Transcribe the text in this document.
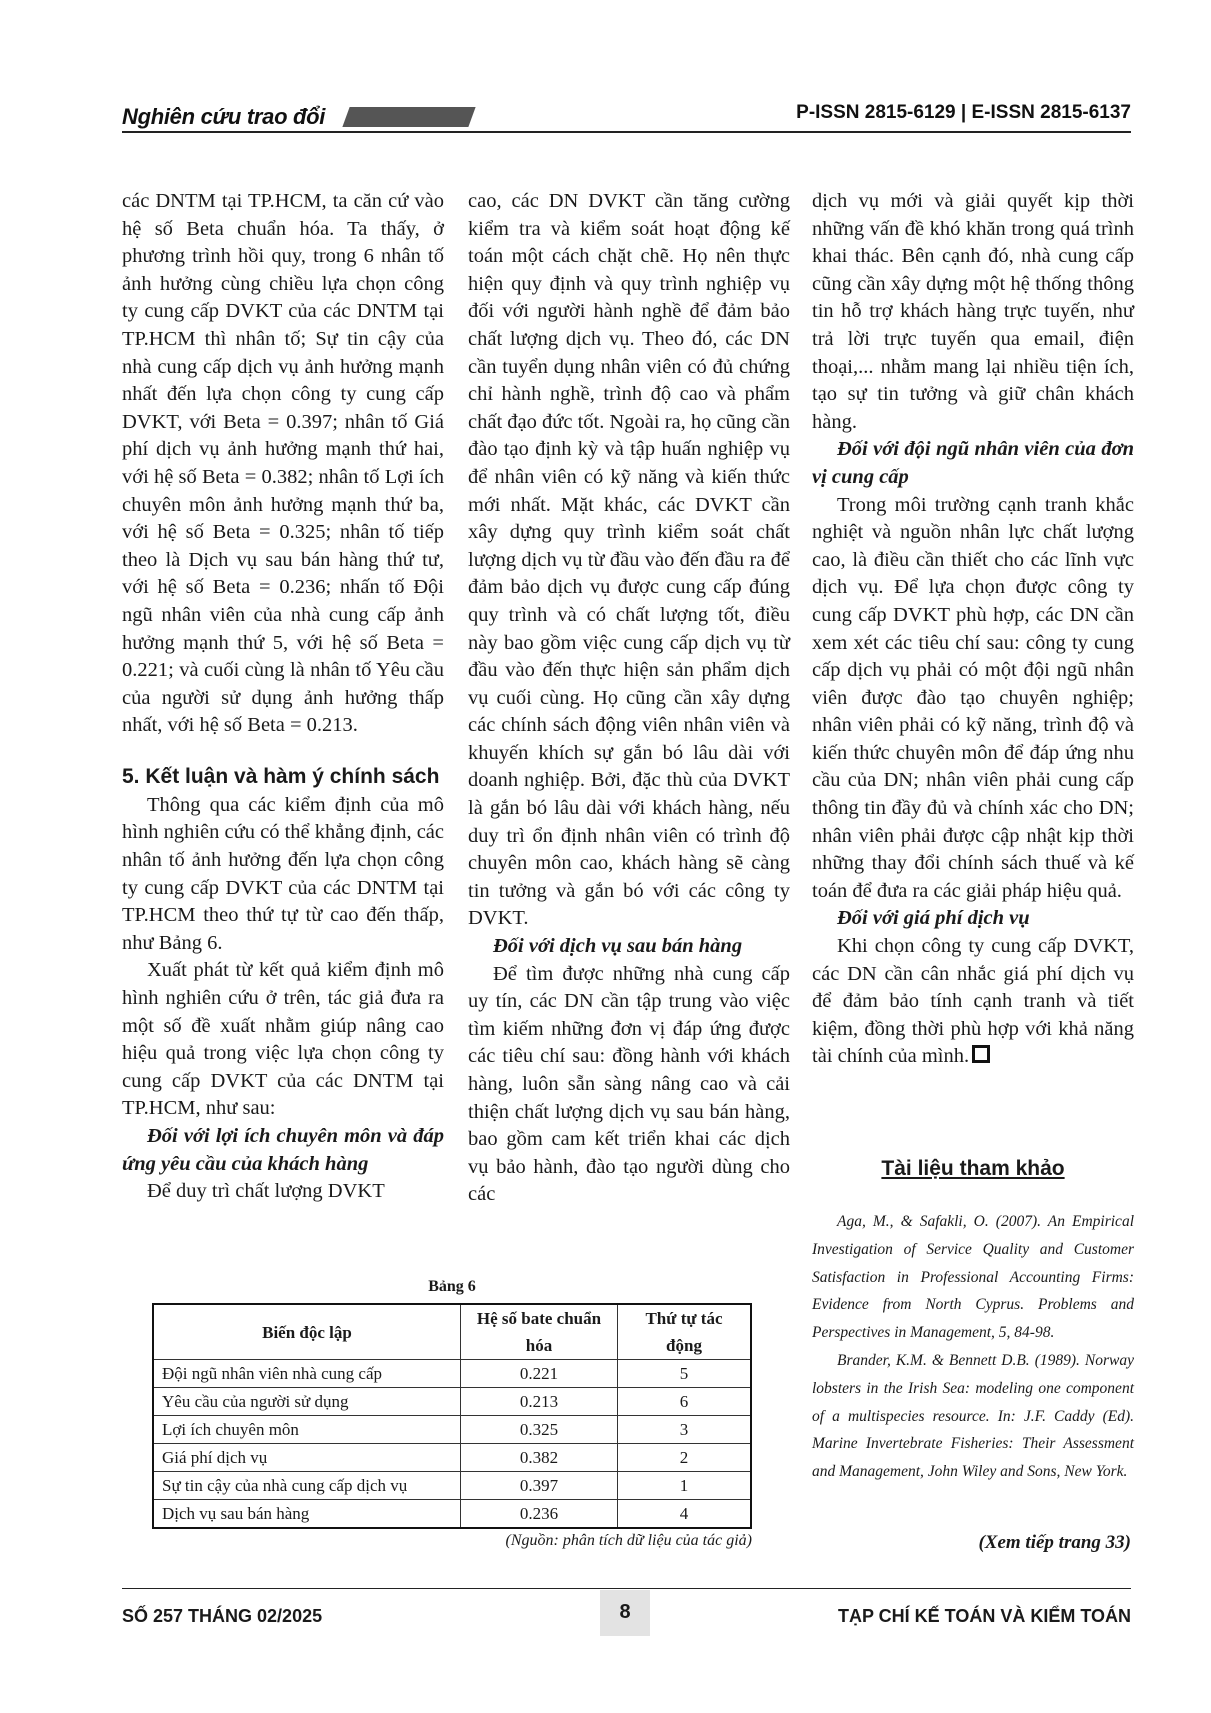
Nghiên cứu trao đổi	P-ISSN 2815-6129 | E-ISSN 2815-6137

các DNTM tại TP.HCM, ta căn cứ vào hệ số Beta chuẩn hóa. Ta thấy, ở phương trình hồi quy, trong 6 nhân tố ảnh hưởng cùng chiều lựa chọn công ty cung cấp DVKT của các DNTM tại TP.HCM thì nhân tố; Sự tin cậy của nhà cung cấp dịch vụ ảnh hưởng mạnh nhất đến lựa chọn công ty cung cấp DVKT, với Beta = 0.397; nhân tố Giá phí dịch vụ ảnh hưởng mạnh thứ hai, với hệ số Beta = 0.382; nhân tố Lợi ích chuyên môn ảnh hưởng mạnh thứ ba, với hệ số Beta = 0.325; nhân tố tiếp theo là Dịch vụ sau bán hàng thứ tư, với hệ số Beta = 0.236; nhấn tố Đội ngũ nhân viên của nhà cung cấp ảnh hưởng mạnh thứ 5, với hệ số Beta = 0.221; và cuối cùng là nhân tố Yêu cầu của người sử dụng ảnh hưởng thấp nhất, với hệ số Beta = 0.213.

5. Kết luận và hàm ý chính sách

Thông qua các kiểm định của mô hình nghiên cứu có thể khẳng định, các nhân tố ảnh hưởng đến lựa chọn công ty cung cấp DVKT của các DNTM tại TP.HCM theo thứ tự từ cao đến thấp, như Bảng 6.

Xuất phát từ kết quả kiểm định mô hình nghiên cứu ở trên, tác giả đưa ra một số đề xuất nhằm giúp nâng cao hiệu quả trong việc lựa chọn công ty cung cấp DVKT của các DNTM tại TP.HCM, như sau:

Đối với lợi ích chuyên môn và đáp ứng yêu cầu của khách hàng

Để duy trì chất lượng DVKT

cao, các DN DVKT cần tăng cường kiểm tra và kiểm soát hoạt động kế toán một cách chặt chẽ. Họ nên thực hiện quy định và quy trình nghiệp vụ đối với người hành nghề để đảm bảo chất lượng dịch vụ. Theo đó, các DN cần tuyển dụng nhân viên có đủ chứng chỉ hành nghề, trình độ cao và phẩm chất đạo đức tốt. Ngoài ra, họ cũng cần đào tạo định kỳ và tập huấn nghiệp vụ để nhân viên có kỹ năng và kiến thức mới nhất. Mặt khác, các DVKT cần xây dựng quy trình kiểm soát chất lượng dịch vụ từ đầu vào đến đầu ra để đảm bảo dịch vụ được cung cấp đúng quy trình và có chất lượng tốt, điều này bao gồm việc cung cấp dịch vụ từ đầu vào đến thực hiện sản phẩm dịch vụ cuối cùng. Họ cũng cần xây dựng các chính sách động viên nhân viên và khuyến khích sự gắn bó lâu dài với doanh nghiệp. Bởi, đặc thù của DVKT là gắn bó lâu dài với khách hàng, nếu duy trì ổn định nhân viên có trình độ chuyên môn cao, khách hàng sẽ càng tin tưởng và gắn bó với các công ty DVKT.

Đối với dịch vụ sau bán hàng

Để tìm được những nhà cung cấp uy tín, các DN cần tập trung vào việc tìm kiếm những đơn vị đáp ứng được các tiêu chí sau: đồng hành với khách hàng, luôn sẵn sàng nâng cao và cải thiện chất lượng dịch vụ sau bán hàng, bao gồm cam kết triển khai các dịch vụ bảo hành, đào tạo người dùng cho các

dịch vụ mới và giải quyết kịp thời những vấn đề khó khăn trong quá trình khai thác. Bên cạnh đó, nhà cung cấp cũng cần xây dựng một hệ thống thông tin hỗ trợ khách hàng trực tuyến, như trả lời trực tuyến qua email, điện thoại,... nhằm mang lại nhiều tiện ích, tạo sự tin tưởng và giữ chân khách hàng.

Đối với đội ngũ nhân viên của đơn vị cung cấp

Trong môi trường cạnh tranh khắc nghiệt và nguồn nhân lực chất lượng cao, là điều cần thiết cho các lĩnh vực dịch vụ. Để lựa chọn được công ty cung cấp DVKT phù hợp, các DN cần xem xét các tiêu chí sau: công ty cung cấp dịch vụ phải có một đội ngũ nhân viên được đào tạo chuyên nghiệp; nhân viên phải có kỹ năng, trình độ và kiến thức chuyên môn để đáp ứng nhu cầu của DN; nhân viên phải cung cấp thông tin đầy đủ và chính xác cho DN; nhân viên phải được cập nhật kịp thời những thay đổi chính sách thuế và kế toán để đưa ra các giải pháp hiệu quả.

Đối với giá phí dịch vụ

Khi chọn công ty cung cấp DVKT, các DN cần cân nhắc giá phí dịch vụ để đảm bảo tính cạnh tranh và tiết kiệm, đồng thời phù hợp với khả năng tài chính của mình.

Tài liệu tham khảo

Aga, M., & Safakli, O. (2007). An Empirical Investigation of Service Quality and Customer Satisfaction in Professional Accounting Firms: Evidence from North Cyprus. Problems and Perspectives in Management, 5, 84-98.

Brander, K.M. & Bennett D.B. (1989). Norway lobsters in the Irish Sea: modeling one component of a multispecies resource. In: J.F. Caddy (Ed). Marine Invertebrate Fisheries: Their Assessment and Management, John Wiley and Sons, New York.

(Xem tiếp trang 33)
Bảng 6
Biến độc lập	Hệ số bate chuẩn hóa	Thứ tự tác động
Đội ngũ nhân viên nhà cung cấp	0.221	5
Yêu cầu của người sử dụng	0.213	6
Lợi ích chuyên môn	0.325	3
Giá phí dịch vụ	0.382	2
Sự tin cậy của nhà cung cấp dịch vụ	0.397	1
Dịch vụ sau bán hàng	0.236	4
(Nguồn: phân tích dữ liệu của tác giả)
SỐ 257 THÁNG 02/2025	8	TẠP CHÍ KẾ TOÁN VÀ KIỂM TOÁN
